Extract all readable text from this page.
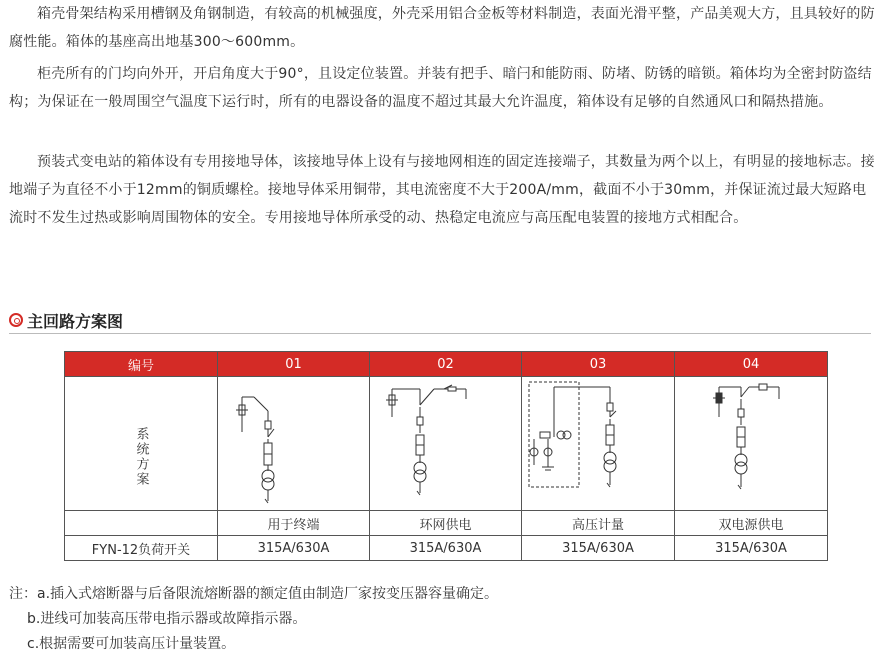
箱壳骨架结构采用槽钢及角钢制造，有较高的机械强度，外壳采用铝合金板等材料制造，表面光滑平整，产品美观大方，且具较好的防腐性能。箱体的基座高出地基300～600mm。

柜壳所有的门均向外开，开启角度大于90°，且设定位装置。并装有把手、暗闩和能防雨、防堵、防锈的暗锁。箱体均为全密封防盗结构；为保证在一般周围空气温度下运行时，所有的电器设备的温度不超过其最大允许温度，箱体设有足够的自然通风口和隔热措施。

预装式变电站的箱体设有专用接地导体，该接地导体上设有与接地网相连的固定连接端子，其数量为两个以上，有明显的接地标志。接地端子为直径不小于12mm的铜质螺栓。接地导体采用铜带，其电流密度不大于200A/mm，截面不小于30mm，并保证流过最大短路电流时不发生过热或影响周围物体的安全。专用接地导体所承受的动、热稳定电流应与高压配电装置的接地方式相配合。

主回路方案图
编号	01	02	03	04

系统方案

	用于终端	环网供电	高压计量	双电源供电
FYN-12负荷开关	315A/630A	315A/630A	315A/630A	315A/630A
注：a.插入式熔断器与后备限流熔断器的额定值由制造厂家按变压器容量确定。
b.进线可加装高压带电指示器或故障指示器。
c.根据需要可加装高压计量装置。
